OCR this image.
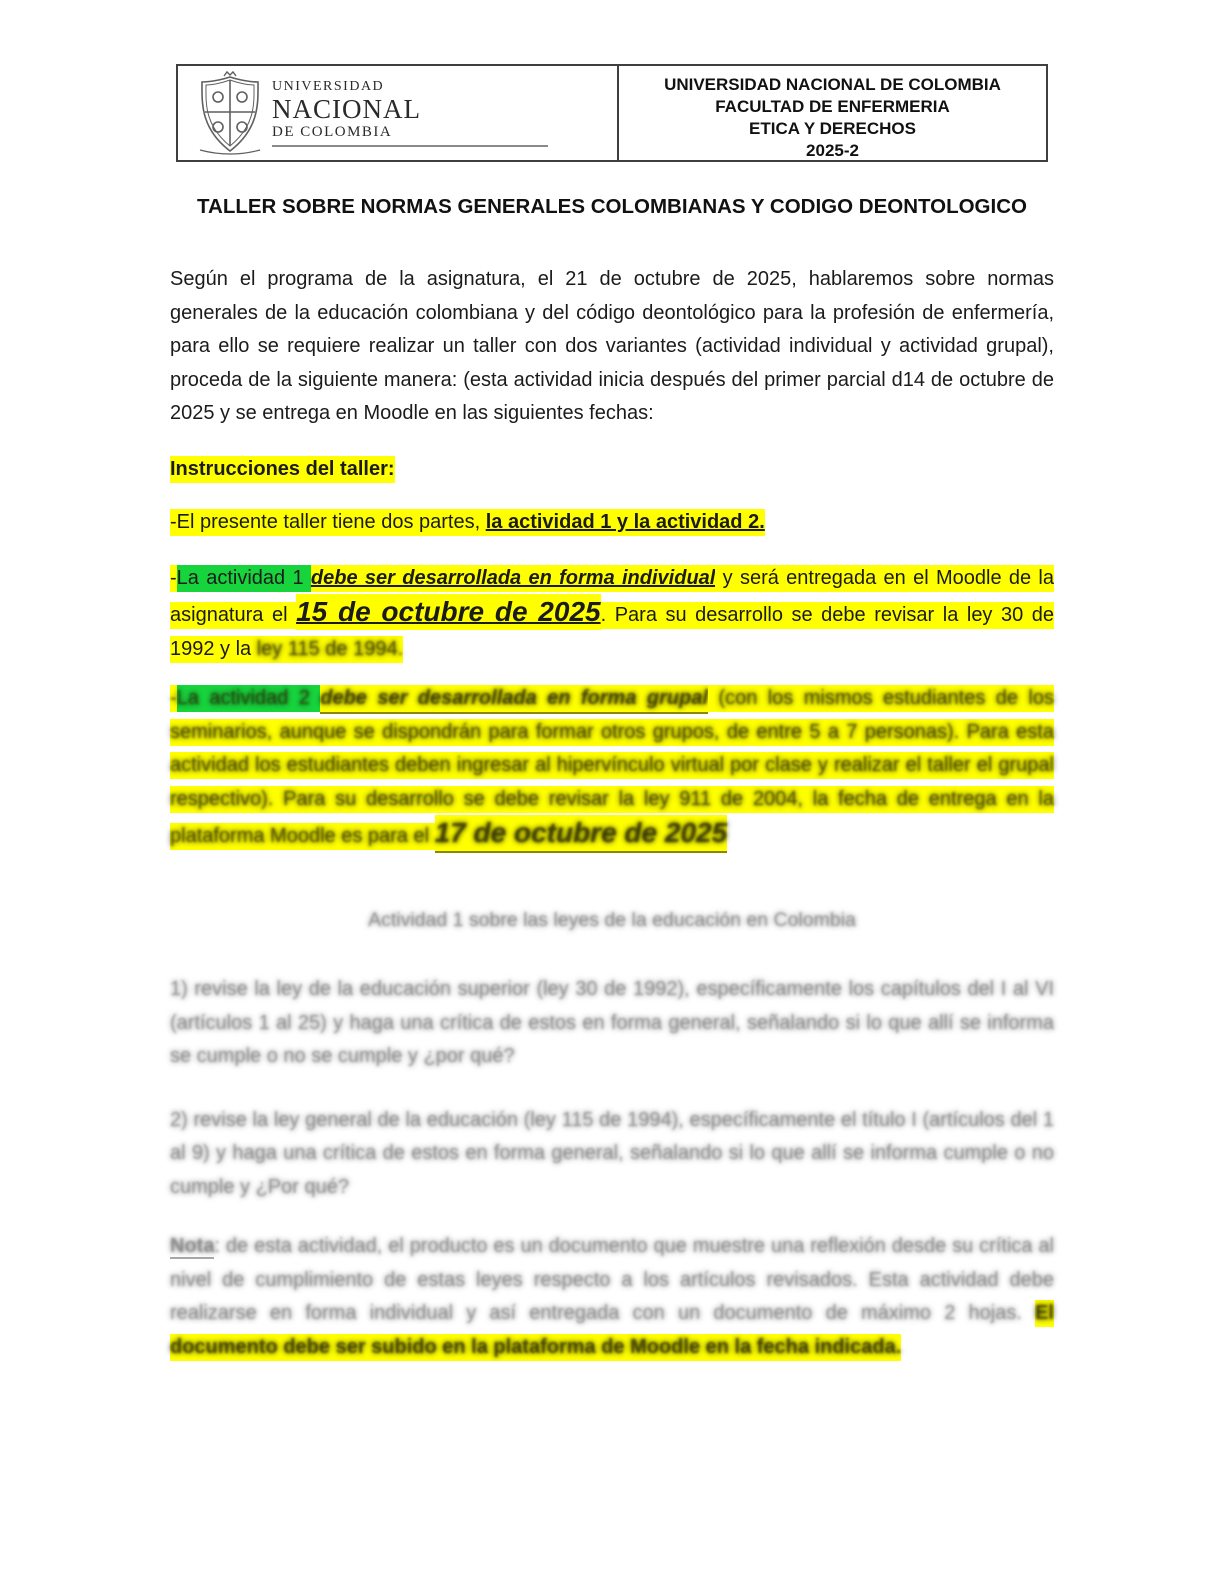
UNIVERSIDAD
NACIONAL
DE COLOMBIA
UNIVERSIDAD NACIONAL DE COLOMBIA
FACULTAD DE ENFERMERIA
ETICA Y DERECHOS
2025-2
TALLER SOBRE NORMAS GENERALES COLOMBIANAS Y CODIGO DEONTOLOGICO

Según el programa de la asignatura, el 21 de octubre de 2025, hablaremos sobre normas generales de la educación colombiana y del código deontológico para la profesión de enfermería, para ello se requiere realizar un taller con dos variantes (actividad individual y actividad grupal), proceda de la siguiente manera: (esta actividad inicia después del primer parcial d14 de octubre de 2025 y se entrega en Moodle en las siguientes fechas:

Instrucciones del taller:

-El presente taller tiene dos partes, la actividad 1 y la actividad 2.

-La actividad 1 debe ser desarrollada en forma individual y será entregada en el Moodle de la asignatura el 15 de octubre de 2025. Para su desarrollo se debe revisar la ley 30 de 1992 y la ley 115 de 1994.

-La actividad 2 debe ser desarrollada en forma grupal (con los mismos estudiantes de los seminarios, aunque se dispondrán para formar otros grupos, de entre 5 a 7 personas). Para esta actividad los estudiantes deben ingresar al hipervínculo virtual por clase y realizar el taller el grupal respectivo). Para su desarrollo se debe revisar la ley 911 de 2004, la fecha de entrega en la plataforma Moodle es para el 17 de octubre de 2025

Actividad 1 sobre las leyes de la educación en Colombia

1) revise la ley de la educación superior (ley 30 de 1992), específicamente los capítulos del I al VI (artículos 1 al 25) y haga una crítica de estos en forma general, señalando si lo que allí se informa se cumple o no se cumple y ¿por qué?

2) revise la ley general de la educación (ley 115 de 1994), específicamente el título I (artículos del 1 al 9) y haga una crítica de estos en forma general, señalando si lo que allí se informa cumple o no cumple y ¿Por qué?

Nota: de esta actividad, el producto es un documento que muestre una reflexión desde su crítica al nivel de cumplimiento de estas leyes respecto a los artículos revisados. Esta actividad debe realizarse en forma individual y así entregada con un documento de máximo 2 hojas. El documento debe ser subido en la plataforma de Moodle en la fecha indicada.
